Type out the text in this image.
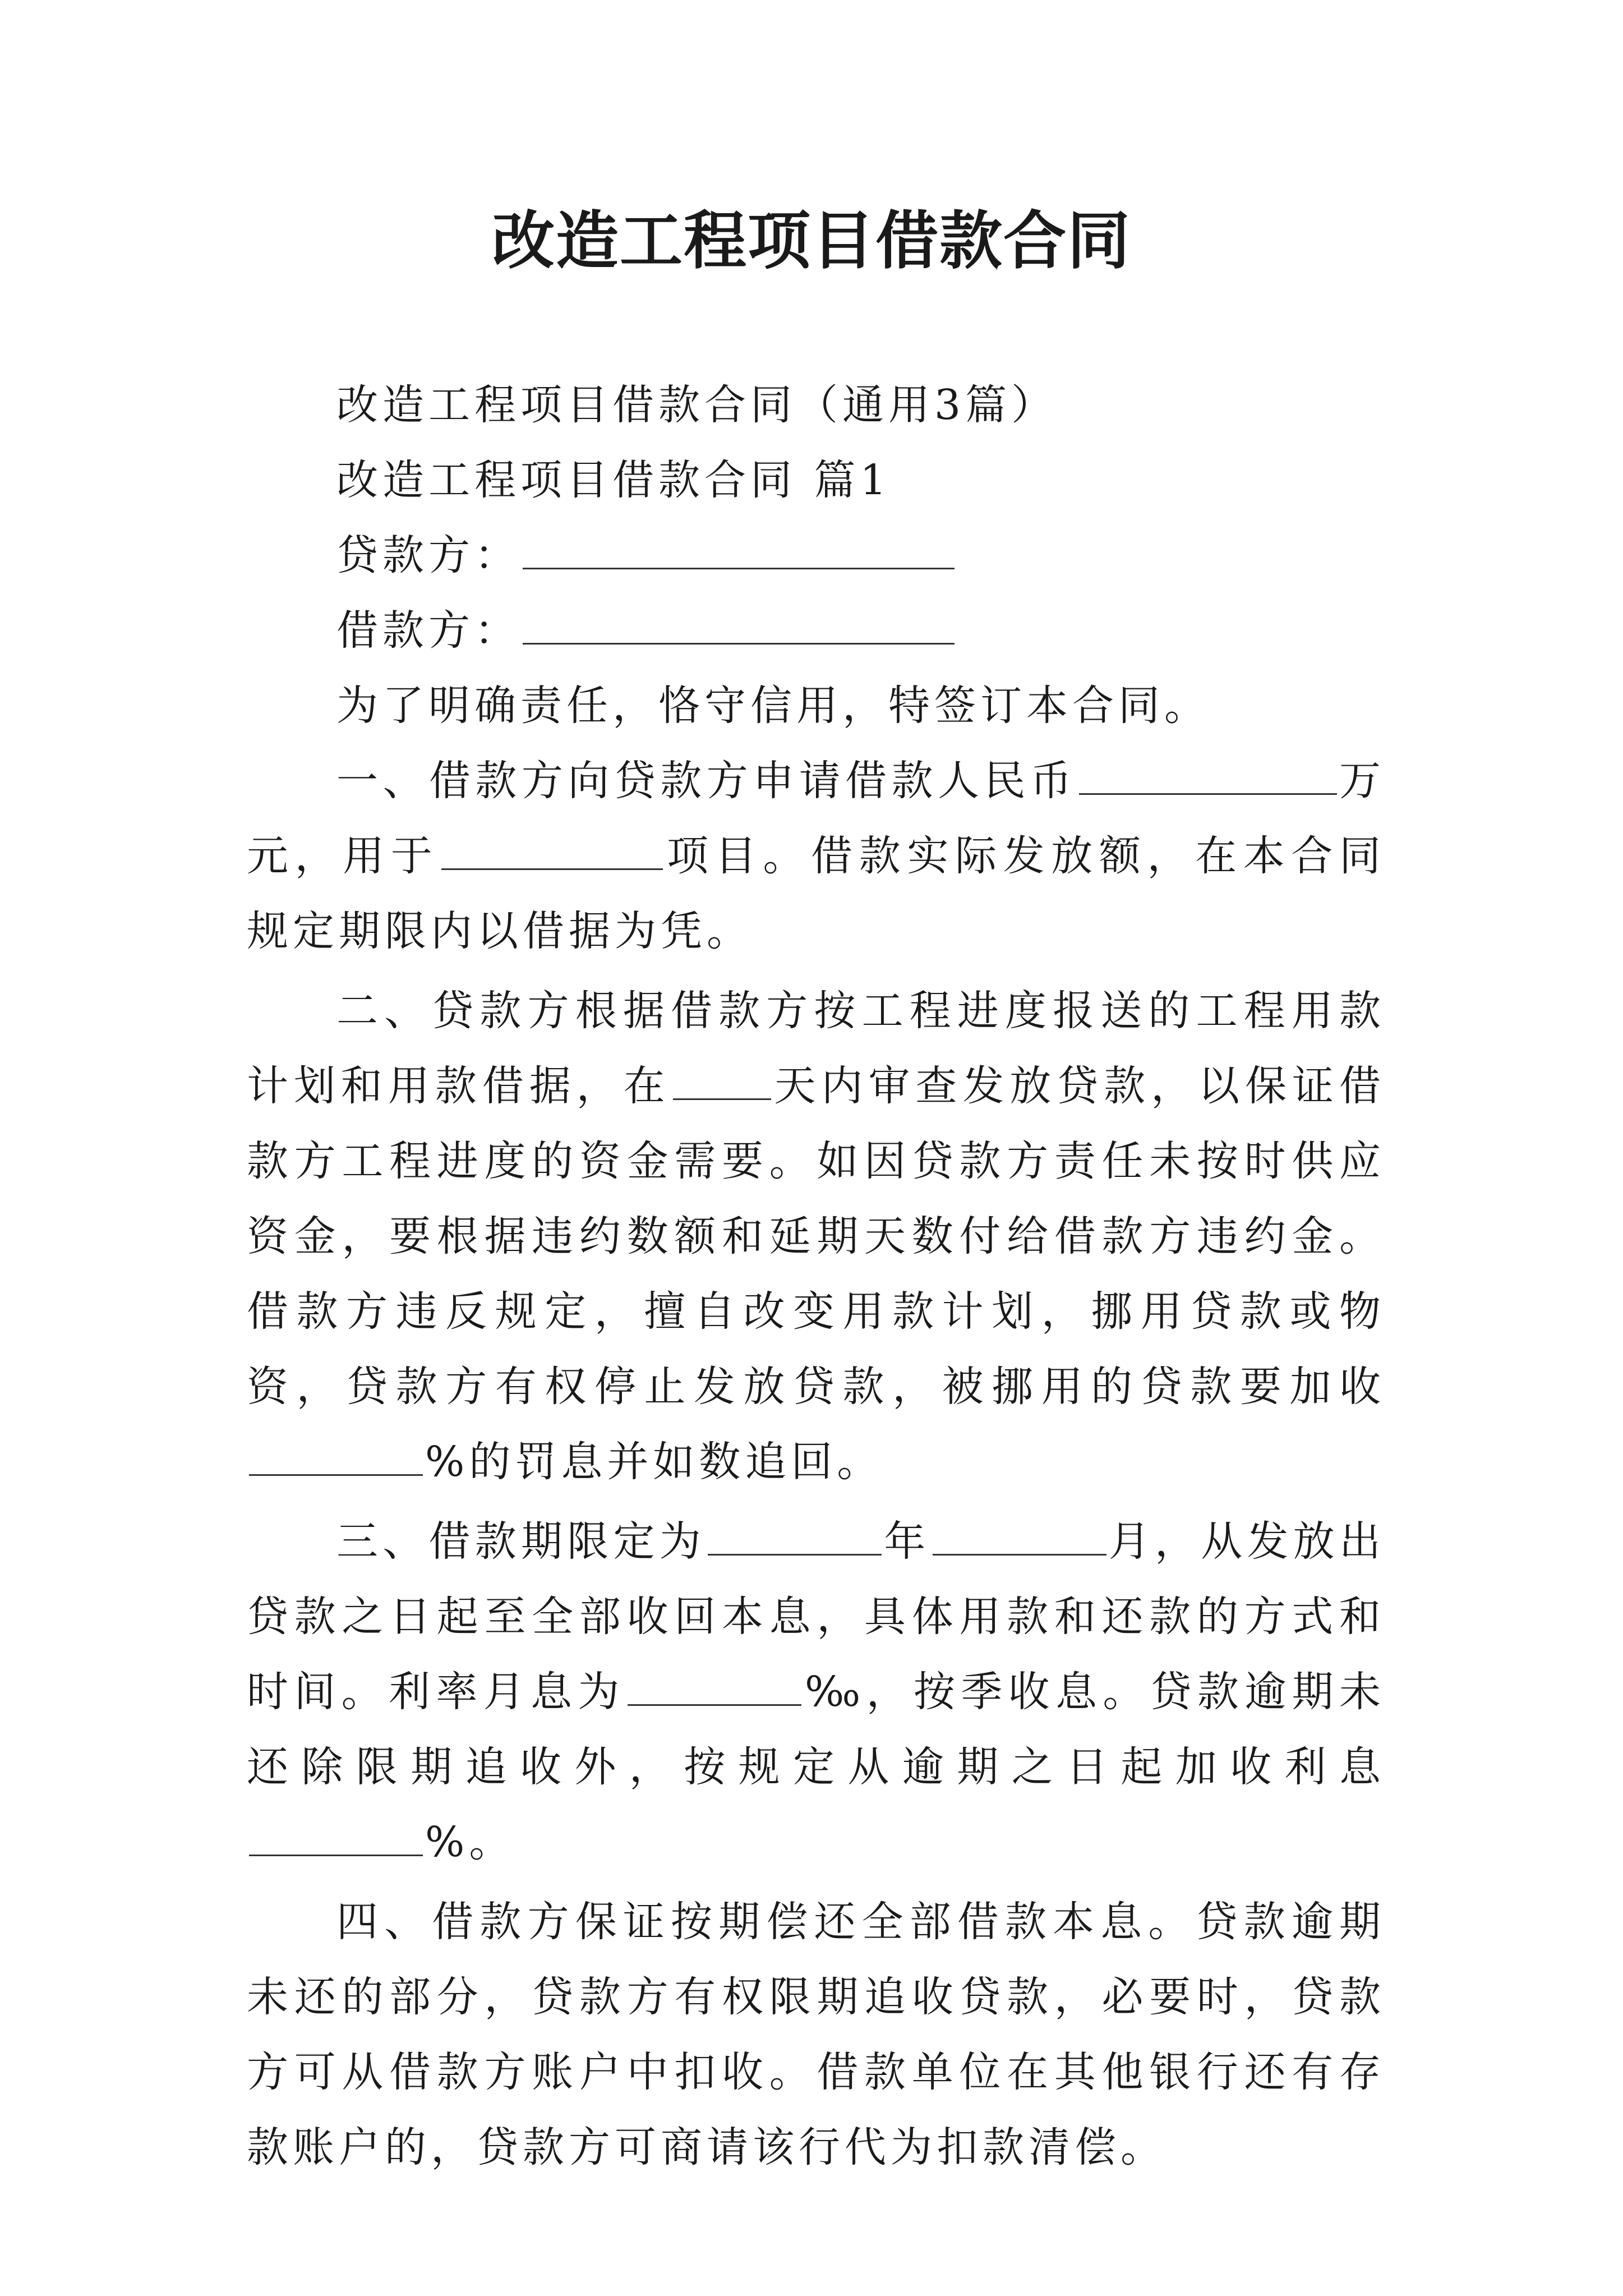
改造工程项目借款合同

改造工程项目借款合同（通用3篇）

改造工程项目借款合同 篇1

贷款方：

借款方：

为了明确责任，恪守信用，特签订本合同。

一、借款方向贷款方申请借款人民币	万元，用于	项目。借款实际发放额，在本合同规定期限内以借据为凭。

二、贷款方根据借款方按工程进度报送的工程用款计划和用款借据，在 天内审查发放贷款，以保证借款方工程进度的资金需要。如因贷款方责任未按时供应资金，要根据违约数额和延期天数付给借款方违约金。借款方违反规定，擅自改变用款计划，挪用贷款或物资，贷款方有权停止发放贷款，被挪用的贷款要加收%的罚息并如数追回。

三、借款期限定为	年	月，从发放出贷款之日起至全部收回本息，具体用款和还款的方式和时间。利率月息为	‰，按季收息。贷款逾期未还除限期追收外，按规定从逾期之日起加收利息%。

四、借款方保证按期偿还全部借款本息。贷款逾期未还的部分，贷款方有权限期追收贷款，必要时，贷款方可从借款方账户中扣收。借款单位在其他银行还有存款账户的，贷款方可商请该行代为扣款清偿。
